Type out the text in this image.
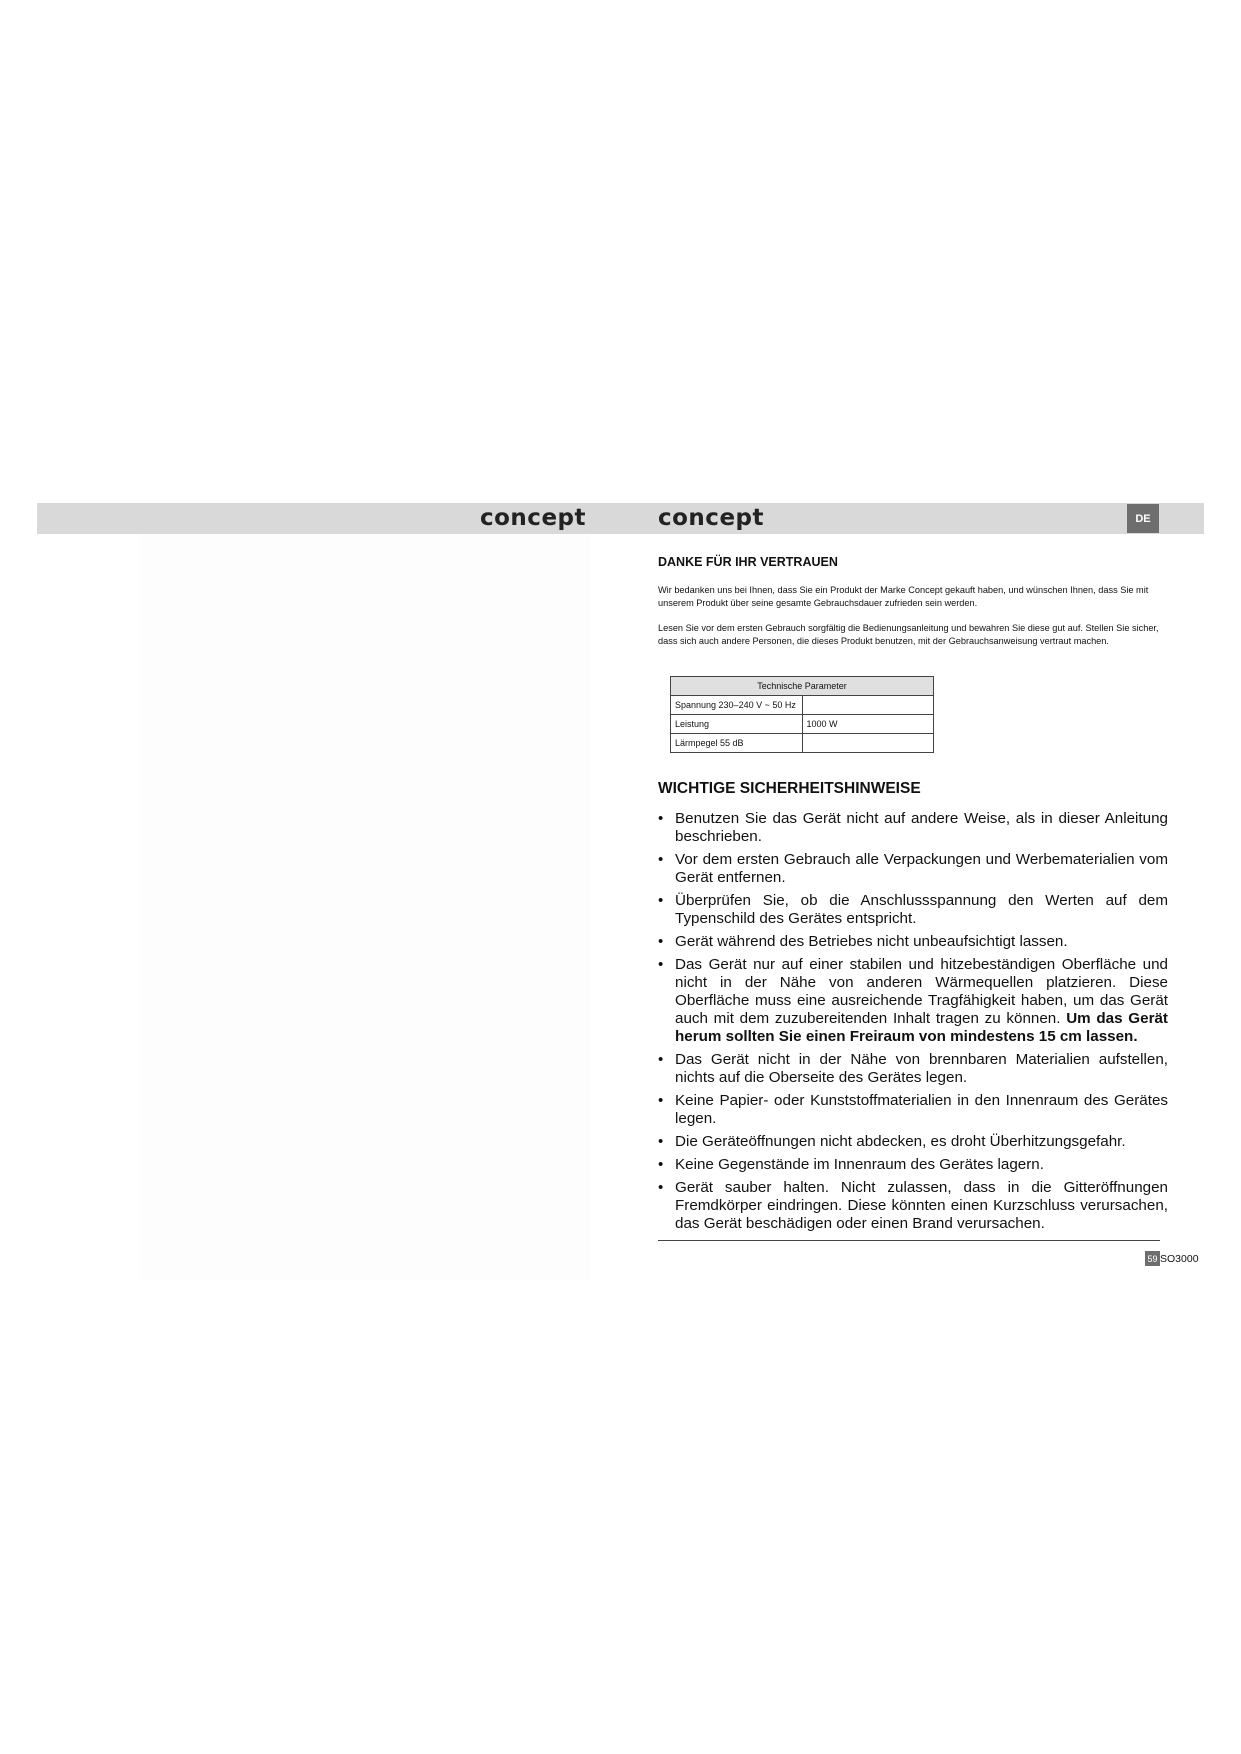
concept	concept	DE
DANKE FÜR IHR VERTRAUEN

Wir bedanken uns bei Ihnen, dass Sie ein Produkt der Marke Concept gekauft haben, und wünschen Ihnen, dass Sie mit unserem Produkt über seine gesamte Gebrauchsdauer zufrieden sein werden.

Lesen Sie vor dem ersten Gebrauch sorgfältig die Bedienungsanleitung und bewahren Sie diese gut auf. Stellen Sie sicher, dass sich auch andere Personen, die dieses Produkt benutzen, mit der Gebrauchsanweisung vertraut machen.

Technische Parameter	
Spannung 230–240 V ~ 50 Hz	
Leistung	1000 W
Lärmpegel 55 dB	
WICHTIGE SICHERHEITSHINWEISE
• Benutzen Sie das Gerät nicht auf andere Weise, als in dieser Anleitung beschrieben.
• Vor dem ersten Gebrauch alle Verpackungen und Werbematerialien vom Gerät entfernen.
• Überprüfen Sie, ob die Anschlussspannung den Werten auf dem Typenschild des Gerätes entspricht.
• Gerät während des Betriebes nicht unbeaufsichtigt lassen.
• Das Gerät nur auf einer stabilen und hitzebeständigen Oberfläche und nicht in der Nähe von anderen Wärmequellen platzieren. Diese Oberfläche muss eine ausreichende Tragfähigkeit haben, um das Gerät auch mit dem zuzubereitenden Inhalt tragen zu können. Um das Gerät herum sollten Sie einen Freiraum von mindestens 15 cm lassen.
• Das Gerät nicht in der Nähe von brennbaren Materialien aufstellen, nichts auf die Oberseite des Gerätes legen.
• Keine Papier- oder Kunststoffmaterialien in den Innenraum des Gerätes legen.
• Die Geräteöffnungen nicht abdecken, es droht Überhitzungsgefahr.
• Keine Gegenstände im Innenraum des Gerätes lagern.
• Gerät sauber halten. Nicht zulassen, dass in die Gitteröffnungen Fremdkörper eindringen. Diese könnten einen Kurzschluss verursachen, das Gerät beschädigen oder einen Brand verursachen.
59 SO3000
